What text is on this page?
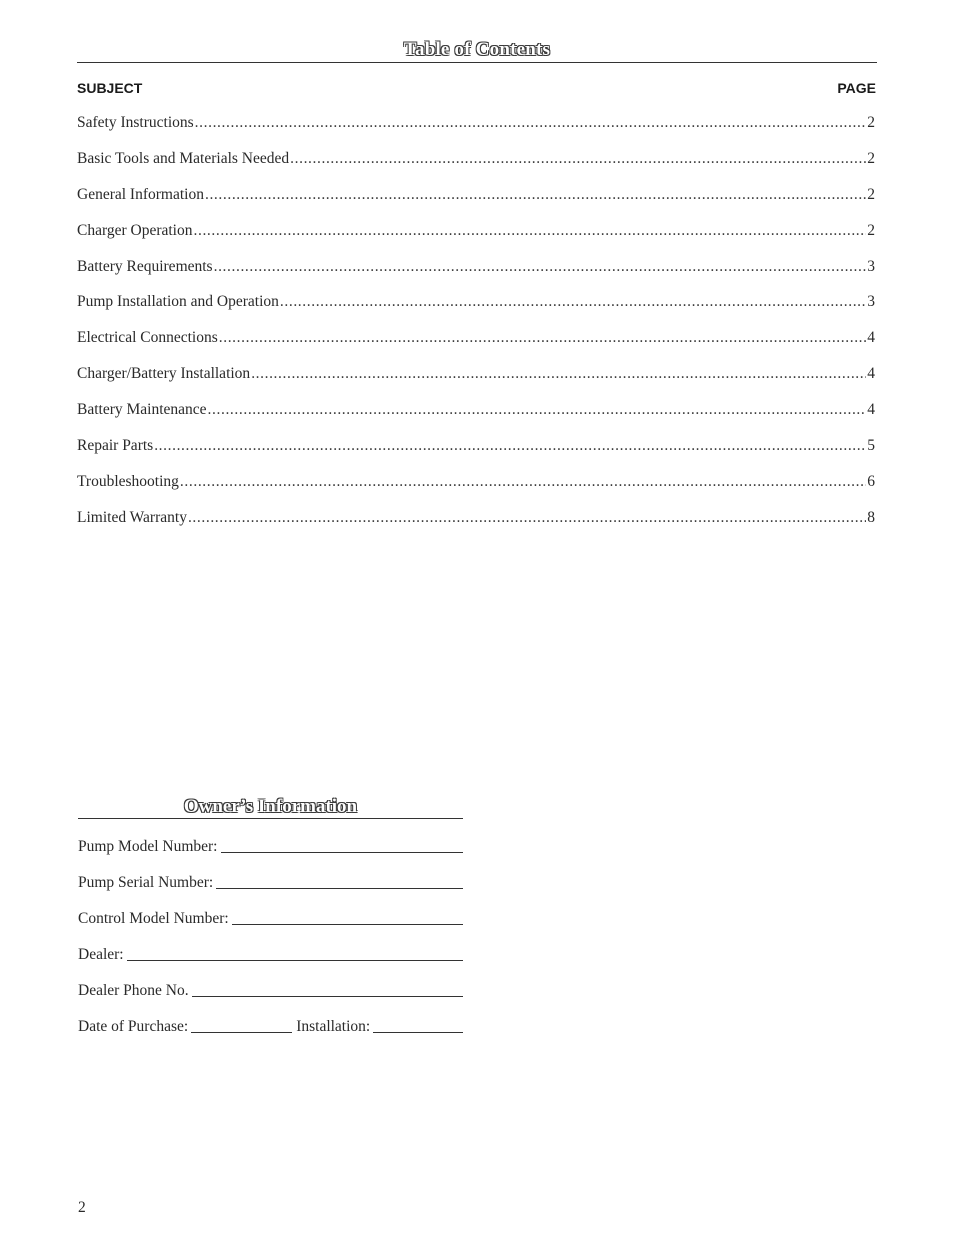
Table of Contents
SUBJECT	PAGE
Safety Instructions .....	2
Basic Tools and Materials Needed .....	2
General Information .....	2
Charger Operation .....	2
Battery Requirements .....	3
Pump Installation and Operation .....	3
Electrical Connections .....	4
Charger/Battery Installation .....	4
Battery Maintenance .....	4
Repair Parts .....	5
Troubleshooting .....	6
Limited Warranty .....	8
Owner’s Information
Pump Model Number:
Pump Serial Number:
Control Model Number:
Dealer:
Dealer Phone No.
Date of Purchase:	Installation:
2
